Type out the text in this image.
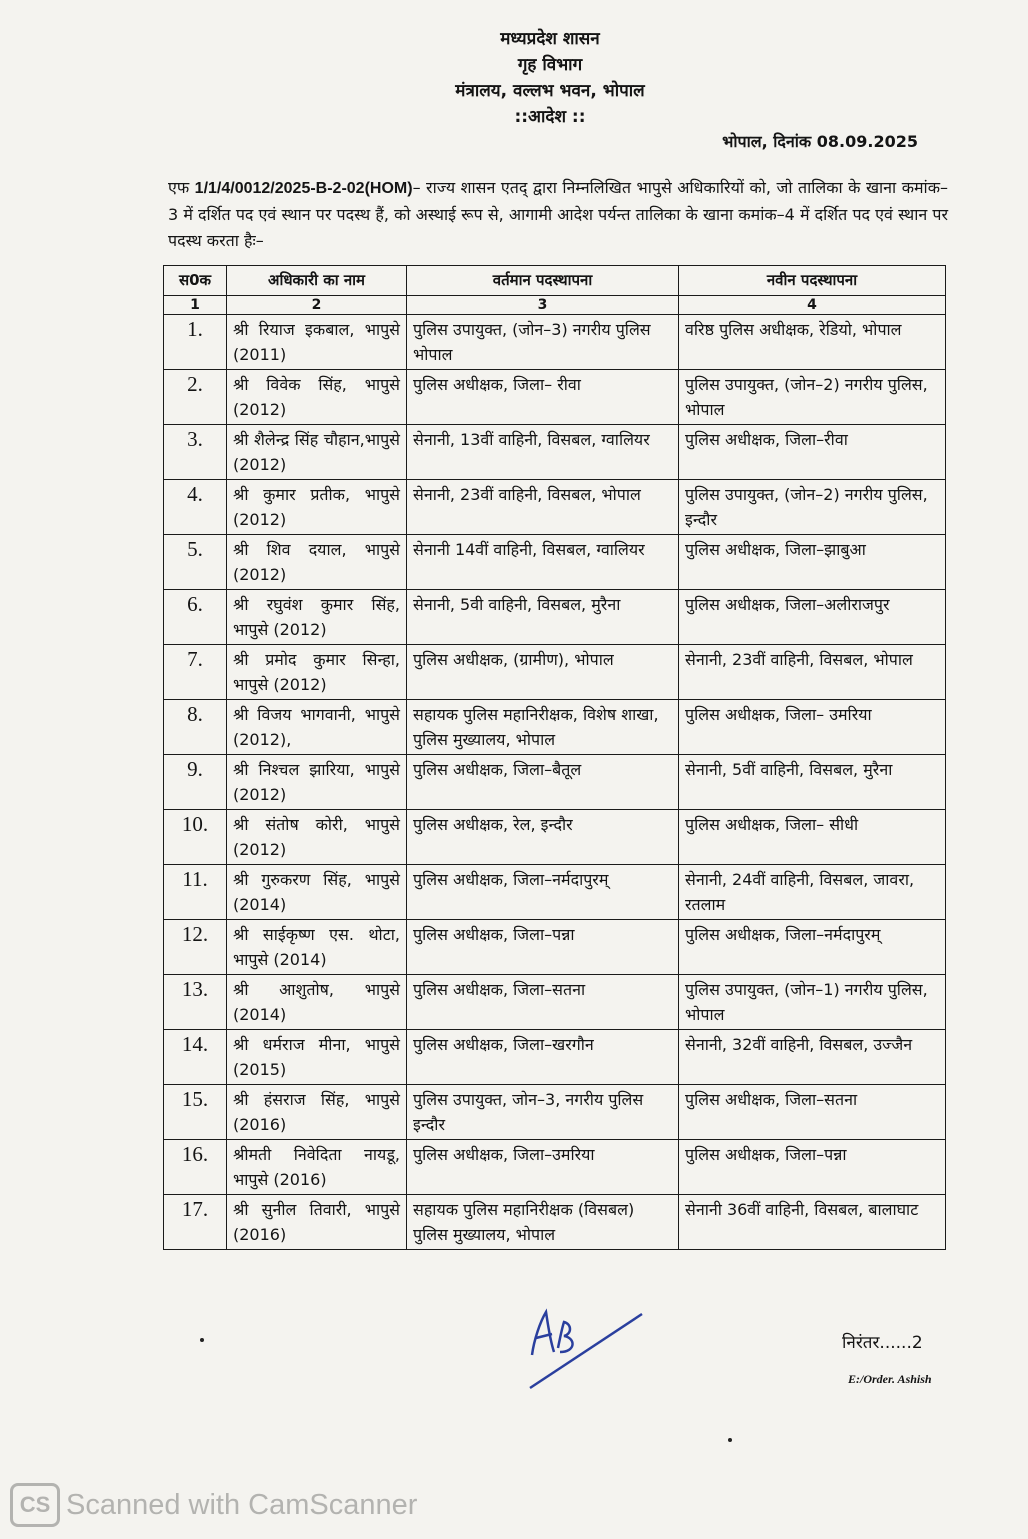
मध्यप्रदेश शासन
गृह विभाग
मंत्रालय, वल्लभ भवन, भोपाल
::आदेश ::
भोपाल, दिनांक 08.09.2025
एफ 1/1/4/0012/2025-B-2-02(HOM)– राज्य शासन एतद् द्वारा निम्नलिखित भापुसे अधिकारियों को, जो तालिका के खाना कमांक–3 में दर्शित पद एवं स्थान पर पदस्थ हैं, को अस्थाई रूप से, आगामी आदेश पर्यन्त तालिका के खाना कमांक–4 में दर्शित पद एवं स्थान पर पदस्थ करता हैः–
स0क	अधिकारी का नाम	वर्तमान पदस्थापना	नवीन पदस्थापना
1	2	3	4
1.	श्री रियाज इकबाल, भापुसे (2011)	पुलिस उपायुक्त, (जोन–3) नगरीय पुलिस भोपाल	वरिष्ठ पुलिस अधीक्षक, रेडियो, भोपाल
2.	श्री विवेक सिंह, भापुसे (2012)	पुलिस अधीक्षक, जिला– रीवा	पुलिस उपायुक्त, (जोन–2) नगरीय पुलिस, भोपाल
3.	श्री शैलेन्द्र सिंह चौहान,भापुसे (2012)	सेनानी, 13वीं वाहिनी, विसबल, ग्वालियर	पुलिस अधीक्षक, जिला–रीवा
4.	श्री कुमार प्रतीक, भापुसे (2012)	सेनानी, 23वीं वाहिनी, विसबल, भोपाल	पुलिस उपायुक्त, (जोन–2) नगरीय पुलिस, इन्दौर
5.	श्री शिव दयाल, भापुसे (2012)	सेनानी 14वीं वाहिनी, विसबल, ग्वालियर	पुलिस अधीक्षक, जिला–झाबुआ
6.	श्री रघुवंश कुमार सिंह, भापुसे (2012)	सेनानी, 5वी वाहिनी, विसबल, मुरैना	पुलिस अधीक्षक, जिला–अलीराजपुर
7.	श्री प्रमोद कुमार सिन्हा, भापुसे (2012)	पुलिस अधीक्षक, (ग्रामीण), भोपाल	सेनानी, 23वीं वाहिनी, विसबल, भोपाल
8.	श्री विजय भागवानी, भापुसे (2012),	सहायक पुलिस महानिरीक्षक, विशेष शाखा, पुलिस मुख्यालय, भोपाल	पुलिस अधीक्षक, जिला– उमरिया
9.	श्री निश्चल झारिया, भापुसे (2012)	पुलिस अधीक्षक, जिला–बैतूल	सेनानी, 5वीं वाहिनी, विसबल, मुरैना
10.	श्री संतोष कोरी, भापुसे (2012)	पुलिस अधीक्षक, रेल, इन्दौर	पुलिस अधीक्षक, जिला– सीधी
11.	श्री गुरुकरण सिंह, भापुसे (2014)	पुलिस अधीक्षक, जिला–नर्मदापुरम्	सेनानी, 24वीं वाहिनी, विसबल, जावरा, रतलाम
12.	श्री साईकृष्ण एस. थोटा, भापुसे (2014)	पुलिस अधीक्षक, जिला–पन्ना	पुलिस अधीक्षक, जिला–नर्मदापुरम्
13.	श्री आशुतोष, भापुसे (2014)	पुलिस अधीक्षक, जिला–सतना	पुलिस उपायुक्त, (जोन–1) नगरीय पुलिस, भोपाल
14.	श्री धर्मराज मीना, भापुसे (2015)	पुलिस अधीक्षक, जिला–खरगौन	सेनानी, 32वीं वाहिनी, विसबल, उज्जैन
15.	श्री हंसराज सिंह, भापुसे (2016)	पुलिस उपायुक्त, जोन–3, नगरीय पुलिस इन्दौर	पुलिस अधीक्षक, जिला–सतना
16.	श्रीमती निवेदिता नायडू, भापुसे (2016)	पुलिस अधीक्षक, जिला–उमरिया	पुलिस अधीक्षक, जिला–पन्ना
17.	श्री सुनील तिवारी, भापुसे (2016)	सहायक पुलिस महानिरीक्षक (विसबल) पुलिस मुख्यालय, भोपाल	सेनानी 36वीं वाहिनी, विसबल, बालाघाट
निरंतर......2
E:/Order. Ashish
CS Scanned with CamScanner
